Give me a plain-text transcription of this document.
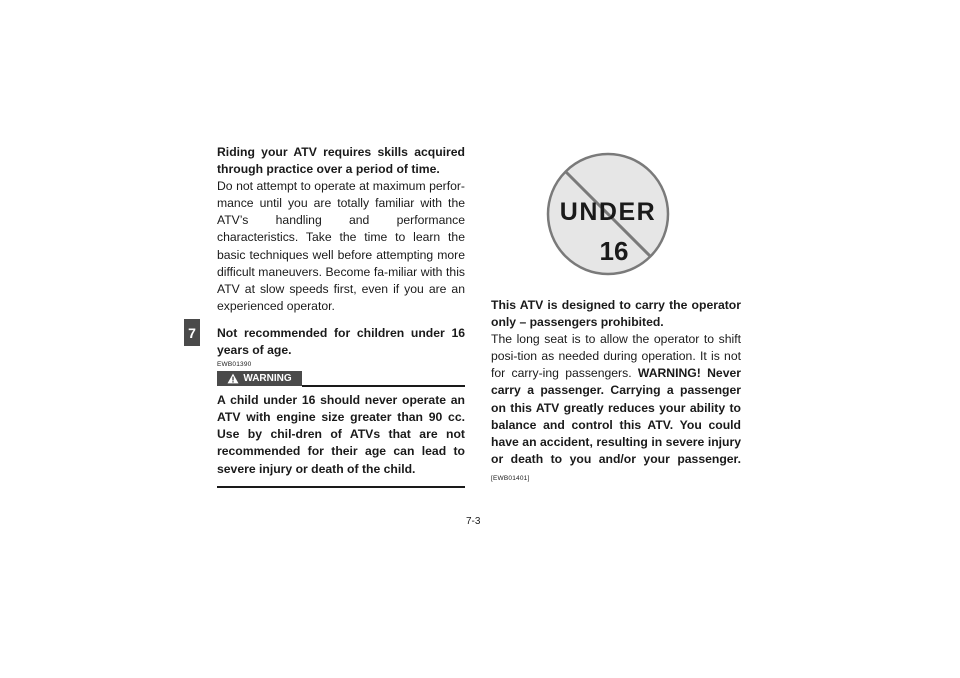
7

Riding your ATV requires skills acquired through practice over a period of time.

Do not attempt to operate at maximum perfor-mance until you are totally familiar with the ATV’s handling and performance characteristics. Take the time to learn the basic techniques well before attempting more difficult maneuvers. Become fa-miliar with this ATV at slow speeds first, even if you are an experienced operator.

Not recommended for children under 16 years of age.

EWB01390
WARNING

A child under 16 should never operate an ATV with engine size greater than 90 cc. Use by chil-dren of ATVs that are not recommended for their age can lead to severe injury or death of the child.

UNDER
16

This ATV is designed to carry the operator only – passengers prohibited.

The long seat is to allow the operator to shift posi-tion as needed during operation. It is not for carry-ing passengers. WARNING! Never carry a passenger. Carrying a passenger on this ATV greatly reduces your ability to balance and control this ATV. You could have an accident, resulting in severe injury or death to you and/or your passenger. [EWB01401]

7-3
